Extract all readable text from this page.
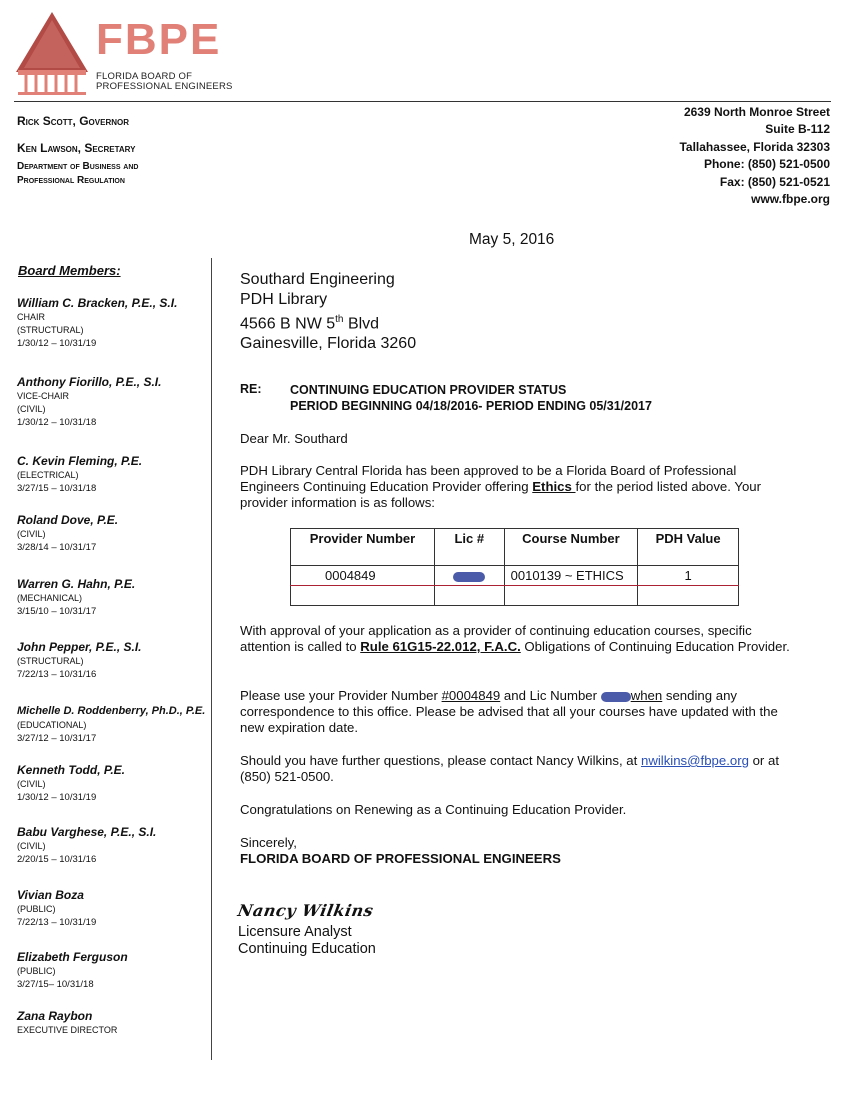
FBPE
FLORIDA BOARD OF
PROFESSIONAL ENGINEERS
Rick Scott, Governor
Ken Lawson, Secretary
Department of Business and
Professional Regulation
2639 North Monroe Street
Suite B-112
Tallahassee, Florida 32303
Phone: (850) 521-0500
Fax: (850) 521-0521
www.fbpe.org
May 5, 2016
Board Members:
William C. Bracken, P.E., S.I.
CHAIR
(STRUCTURAL)
1/30/12 – 10/31/19
Anthony Fiorillo, P.E., S.I.
VICE-CHAIR
(CIVIL)
1/30/12 – 10/31/18
C. Kevin Fleming, P.E.
(ELECTRICAL)
3/27/15 – 10/31/18
Roland Dove, P.E.
(CIVIL)
3/28/14 – 10/31/17
Warren G. Hahn, P.E.
(MECHANICAL)
3/15/10 – 10/31/17
John Pepper, P.E., S.I.
(STRUCTURAL)
7/22/13 – 10/31/16
Michelle D. Roddenberry, Ph.D., P.E.
(EDUCATIONAL)
3/27/12 – 10/31/17
Kenneth Todd, P.E.
(CIVIL)
1/30/12 – 10/31/19
Babu Varghese, P.E., S.I.
(CIVIL)
2/20/15 – 10/31/16
Vivian Boza
(PUBLIC)
7/22/13 – 10/31/19
Elizabeth Ferguson
(PUBLIC)
3/27/15– 10/31/18
Zana Raybon
EXECUTIVE DIRECTOR
Southard Engineering
PDH Library
4566 B NW 5th Blvd
Gainesville, Florida 3260
RE: CONTINUING EDUCATION PROVIDER STATUS
PERIOD BEGINNING 04/18/2016- PERIOD ENDING 05/31/2017
Dear Mr. Southard
PDH Library Central Florida has been approved to be a Florida Board of Professional Engineers Continuing Education Provider offering Ethics for the period listed above. Your provider information is as follows:
Provider Number	Lic #	Course Number	PDH Value
0004849		0010139 ~ ETHICS	1

With approval of your application as a provider of continuing education courses, specific attention is called to Rule 61G15-22.012, F.A.C. Obligations of Continuing Education Provider.
Please use your Provider Number #0004849 and Lic Number when sending any correspondence to this office. Please be advised that all your courses have updated with the new expiration date.
Should you have further questions, please contact Nancy Wilkins, at nwilkins@fbpe.org or at (850) 521-0500.
Congratulations on Renewing as a Continuing Education Provider.
Sincerely,
FLORIDA BOARD OF PROFESSIONAL ENGINEERS
Nancy Wilkins
Licensure Analyst
Continuing Education
